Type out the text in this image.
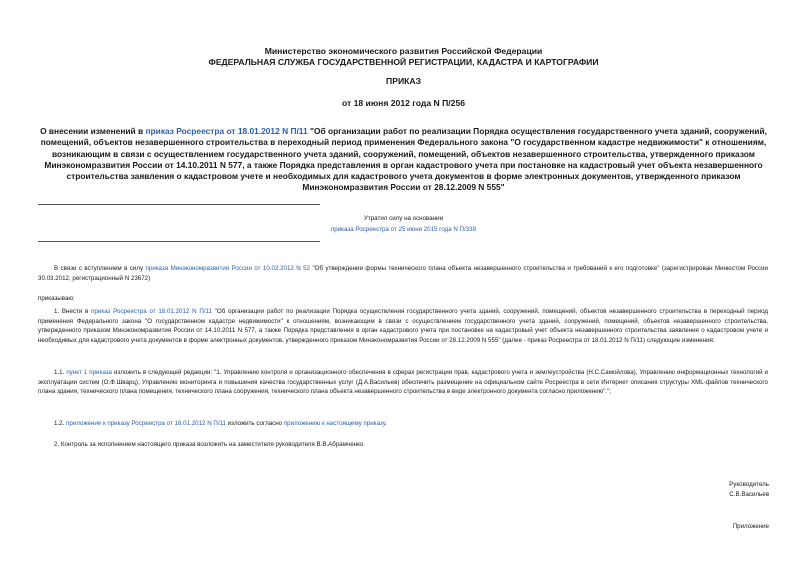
Министерство экономического развития Российской Федерации
ФЕДЕРАЛЬНАЯ СЛУЖБА ГОСУДАРСТВЕННОЙ РЕГИСТРАЦИИ, КАДАСТРА И КАРТОГРАФИИ
ПРИКАЗ
от 18 июня 2012 года N П/256
О внесении изменений в приказ Росреестра от 18.01.2012 N П/11 "Об организации работ по реализации Порядка осуществления государственного учета зданий, сооружений, помещений, объектов незавершенного строительства в переходный период применения Федерального закона "О государственном кадастре недвижимости" к отношениям, возникающим в связи с осуществлением государственного учета зданий, сооружений, помещений, объектов незавершенного строительства, утвержденного приказом Минэкономразвития России от 14.10.2011 N 577, а также Порядка представления в орган кадастрового учета при постановке на кадастровый учет объекта незавершенного строительства заявления о кадастровом учете и необходимых для кадастрового учета документов в форме электронных документов, утвержденного приказом Минэкономразвития России от 28.12.2009 N 555"
Утратил силу на основании
приказа Росреестра от 25 июня 2015 года N П/338
В связи с вступлением в силу приказа Минэкономразвития России от 10.02.2012 N 52 "Об утверждении формы технического плана объекта незавершенного строительства и требований к его подготовке" (зарегистрирован Минюстом России 30.03.2012, регистрационный N 23672)
приказываю:
1. Внести в приказ Росреестра от 18.01.2012 N П/11 "Об организации работ по реализации Порядка осуществления государственного учета зданий, сооружений, помещений, объектов незавершенного строительства в переходный период применения Федерального закона "О государственном кадастре недвижимости" к отношениям, возникающим в связи с осуществлением государственного учета зданий, сооружений, помещений, объектов незавершенного строительства, утвержденного приказом Минэкономразвития России от 14.10.2011 N 577, а также Порядка представления в орган кадастрового учета при постановке на кадастровый учет объекта незавершенного строительства заявления о кадастровом учете и необходимых для кадастрового учета документов в форме электронных документов, утвержденного приказом Минэкономразвития России от 28.12.2009 N 555" (далее - приказ Росреестра от 18.01.2012 N П/11) следующие изменения:
1.1. пункт 1 приказа изложить в следующей редакции: "1. Управлению контроля и организационного обеспечения в сферах регистрации прав, кадастрового учета и землеустройства (Н.С.Самойлова), Управлению информационных технологий и эксплуатации систем (О.Ф.Шварц), Управлению мониторинга и повышения качества государственных услуг (Д.А.Васильев) обеспечить размещение на официальном сайте Росреестра в сети Интернет описания структуры XML-файлов технического плана здания, технического плана помещения, технического плана сооружения, технического плана объекта незавершенного строительства в виде электронного документа согласно приложению".";
1.2. приложение к приказу Росреестра от 18.01.2012 N П/11 изложить согласно приложению к настоящему приказу.
2. Контроль за исполнением настоящего приказа возложить на заместителя руководителя В.В.Абрамченко.
Руководитель
С.В.Васильев
Приложение
